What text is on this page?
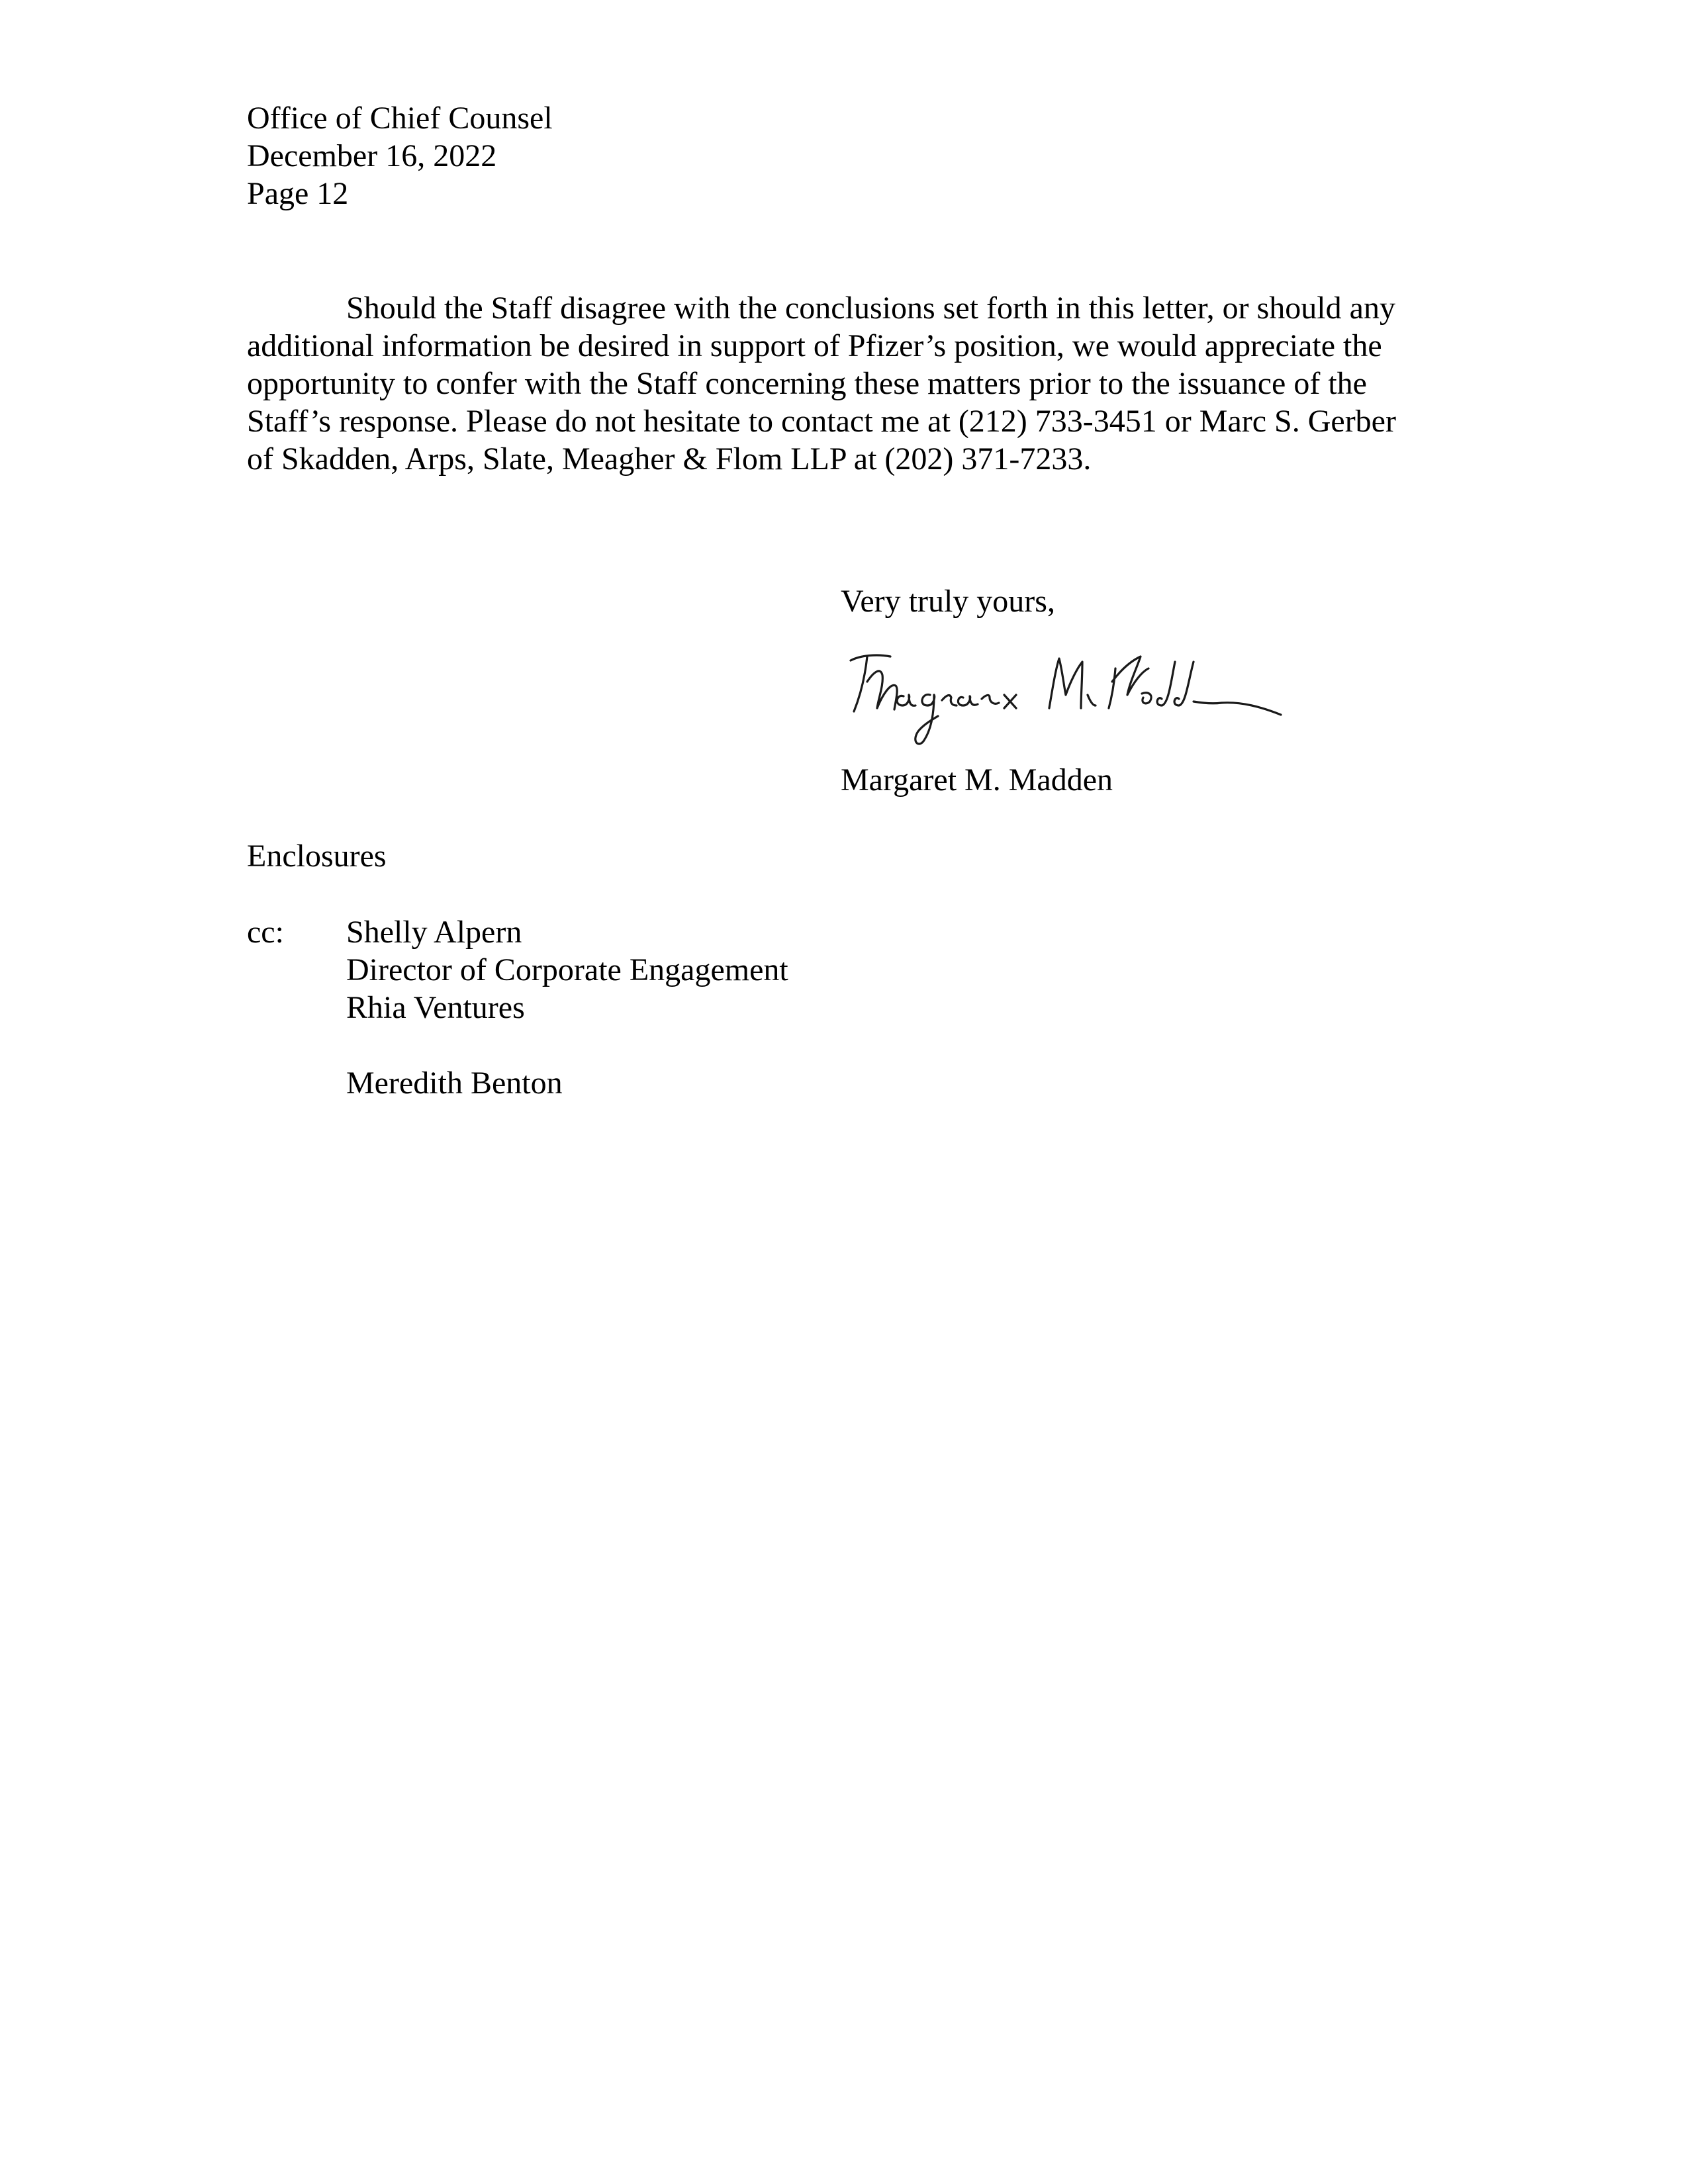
Office of Chief Counsel
December 16, 2022
Page 12
Should the Staff disagree with the conclusions set forth in this letter, or should any
additional information be desired in support of Pfizer’s position, we would appreciate the
opportunity to confer with the Staff concerning these matters prior to the issuance of the
Staff’s response. Please do not hesitate to contact me at (212) 733-3451 or Marc S. Gerber
of Skadden, Arps, Slate, Meagher & Flom LLP at (202) 371-7233.
Very truly yours,
Margaret M. Madden
Enclosures
cc: Shelly Alpern
Director of Corporate Engagement
Rhia Ventures
Meredith Benton
